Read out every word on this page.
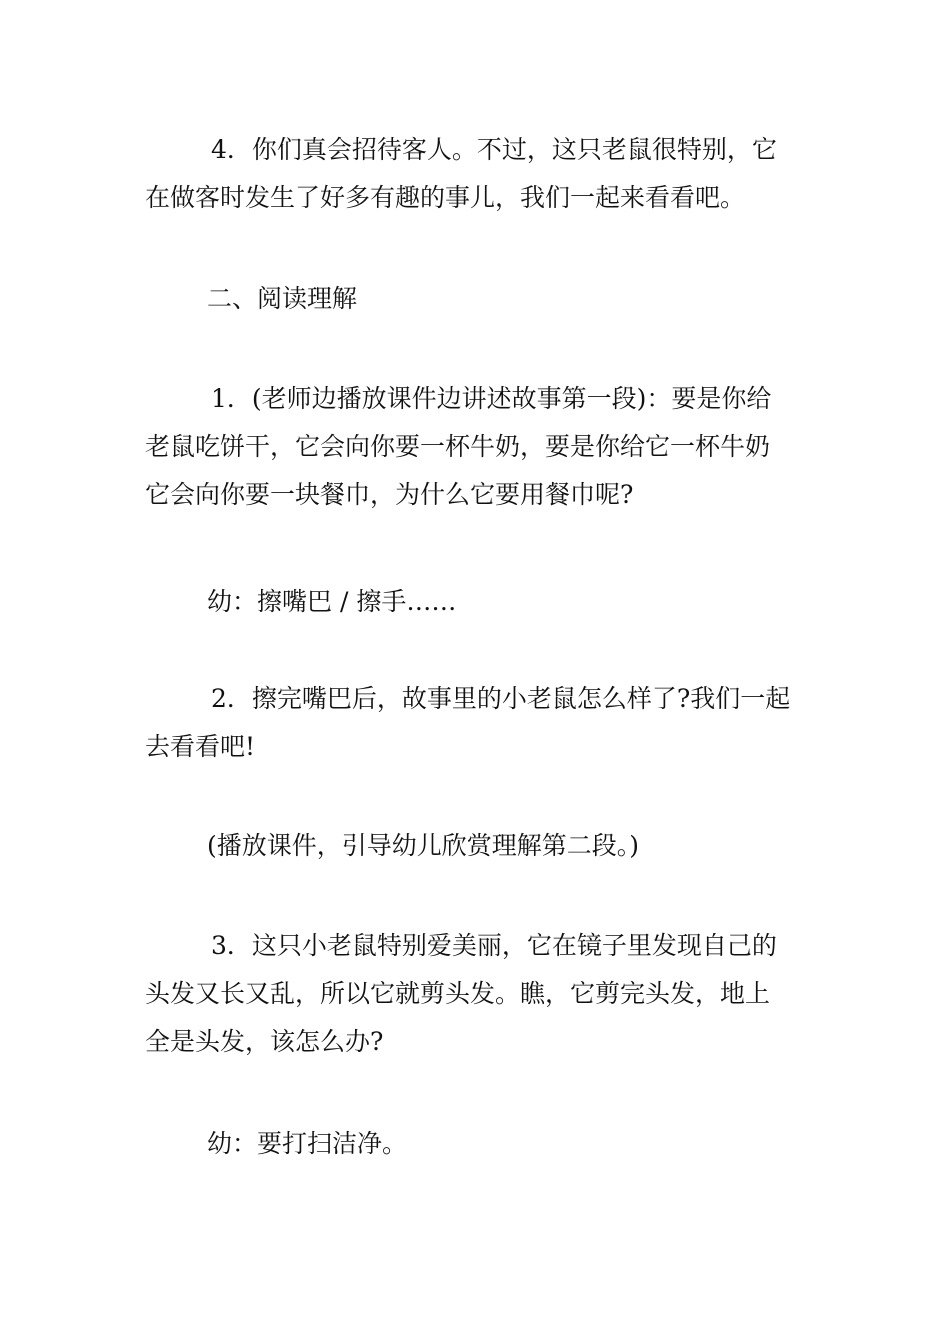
4．你们真会招待客人。不过，这只老鼠很特别，它
在做客时发生了好多有趣的事儿，我们一起来看看吧。

二、阅读理解

1．(老师边播放课件边讲述故事第一段)：要是你给
老鼠吃饼干，它会向你要一杯牛奶，要是你给它一杯牛奶
它会向你要一块餐巾，为什么它要用餐巾呢?

幼：擦嘴巴 / 擦手……

2．擦完嘴巴后，故事里的小老鼠怎么样了?我们一起
去看看吧!

(播放课件，引导幼儿欣赏理解第二段。)

3．这只小老鼠特别爱美丽，它在镜子里发现自己的
头发又长又乱，所以它就剪头发。瞧，它剪完头发，地上
全是头发，该怎么办?

幼：要打扫洁净。
